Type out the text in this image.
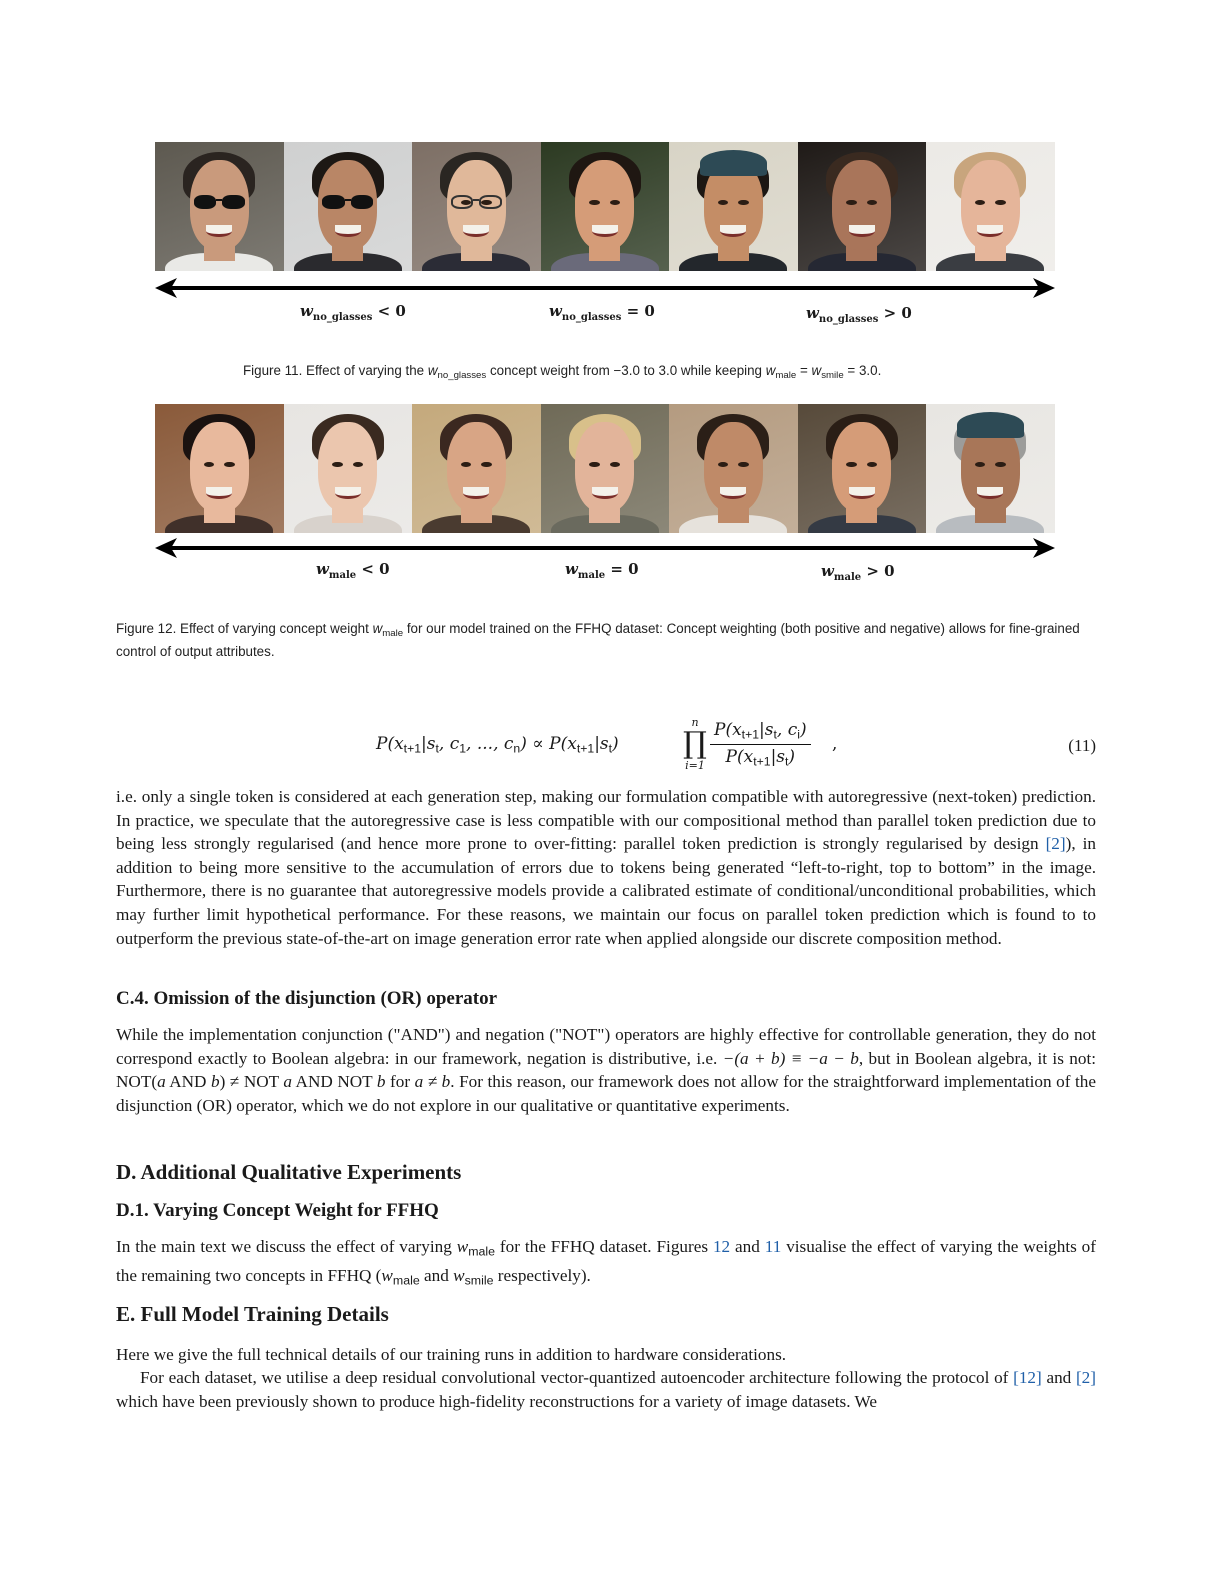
$w_{no\_glasses} < 0$	$w_{no\_glasses} = 0$	$w_{no\_glasses} > 0$
Figure 11. Effect of varying the $w_{no\_glasses}$ concept weight from −3.0 to 3.0 while keeping $w_{male} = w_{smile} = 3.0$.
$w_{male} < 0$	$w_{male} = 0$	$w_{male} > 0$
Figure 12. Effect of varying concept weight $w_{male}$ for our model trained on the FFHQ dataset: Concept weighting (both positive and negative) allows for fine-grained control of output attributes.
$P(x_{t+1}|s_t$, $c_1$, ..., $c_n) \propto P(x_{t+1}|s_t)$
n
∏
$i=1 \frac{P(x_{t+1}|s_t, c_i)}{P(x_{t+1}|s_t)}$ ,	(11)

i.e. only a single token is considered at each generation step, making our formulation compatible with autoregressive (next-token) prediction. In practice, we speculate that the autoregressive case is less compatible with our compositional method than parallel token prediction due to being less strongly regularised (and hence more prone to over-fitting: parallel token prediction is strongly regularised by design [2]), in addition to being more sensitive to the accumulation of errors due to tokens being generated “left-to-right, top to bottom” in the image. Furthermore, there is no guarantee that autoregressive models provide a calibrated estimate of conditional/unconditional probabilities, which may further limit hypothetical performance. For these reasons, we maintain our focus on parallel token prediction which is found to to outperform the previous state-of-the-art on image generation error rate when applied alongside our discrete composition method.

C.4. Omission of the disjunction (OR) operator

While the implementation conjunction ("AND") and negation ("NOT") operators are highly effective for controllable generation, they do not correspond exactly to Boolean algebra: in our framework, negation is distributive, i.e. −(a + b) ≡ −a − b, but in Boolean algebra, it is not: NOT(a AND b) ≠ NOT a AND NOT b for a ≠ b. For this reason, our framework does not allow for the straightforward implementation of the disjunction (OR) operator, which we do not explore in our qualitative or quantitative experiments.

D. Additional Qualitative Experiments
D.1. Varying Concept Weight for FFHQ

In the main text we discuss the effect of varying $w_{male}$ for the FFHQ dataset. Figures 12 and 11 visualise the effect of varying the weights of the remaining two concepts in FFHQ ($w_{male}$ and $w_{smile}$ respectively).

E. Full Model Training Details

Here we give the full technical details of our training runs in addition to hardware considerations.

For each dataset, we utilise a deep residual convolutional vector-quantized autoencoder architecture following the protocol of [12] and [2] which have been previously shown to produce high-fidelity reconstructions for a variety of image datasets. We
